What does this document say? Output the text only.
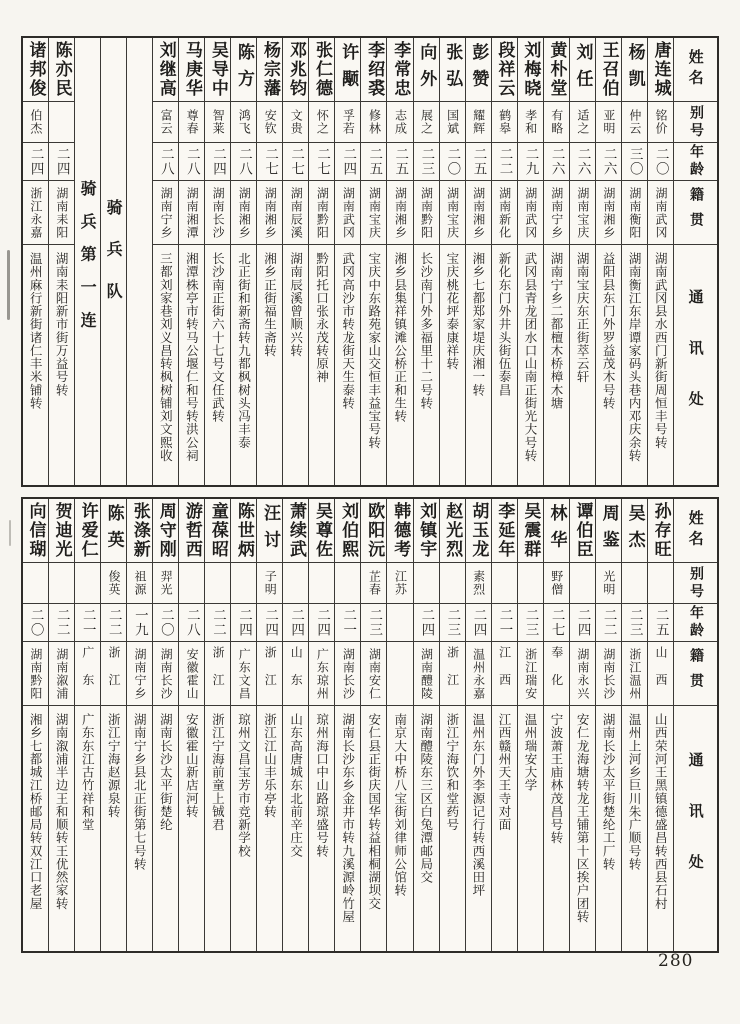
姓名
别号
年龄
籍贯
通讯处
唐连城
铭价
二〇
湖南武冈
湖南武冈县水西门新街周恒丰号转
杨凯
仲云
三〇
湖南衡阳
湖南衡江东岸谭家码头巷内邓庆余转
王召伯
亚明
二六
湖南湘乡
益阳县东门外罗益茂木号转
刘任
适之
二六
湖南宝庆
湖南宝庆东正街萃云轩
黄朴堂
有略
二六
湖南宁乡
湖南宁乡二都檀木桥樟木塘
刘梅晓
孝和
二九
湖南武冈
武冈县青龙团水口山南正街光大号转
段祥云
鹤皋
二二
湖南新化
新化东门外井头街伍泰昌
彭赞
耀辉
二五
湖南湘乡
湘乡七都郑家堤庆湘一转
张弘
国斌
二〇
湖南宝庆
宝庆桃花坪泰康祥转
向外
展之
二三
湖南黔阳
长沙南门外多福里十二号转
李常忠
志成
二五
湖南湘乡
湘乡县集祥镇滩公桥正和生转
李绍裘
修林
二五
湖南宝庆
宝庆中东路苑家山交恒丰益宝号转
许颙
孚若
二四
湖南武冈
武冈高沙市转龙街天生泰转
张仁德
怀之
二七
湖南黔阳
黔阳托口张永茂转原神
邓兆钧
文贵
二七
湖南辰溪
湖南辰溪曾顺兴转
杨宗藩
安钦
二七
湖南湘乡
湘乡正街福生斋转
陈方
鸿飞
二八
湖南湘乡
北正街和新斋转九都枫树头冯丰泰
吴导中
智莱
二四
湖南长沙
长沙南正街六十七号文任武转
马庚华
尊春
二八
湖南湘潭
湘潭株亭市转马公堰仁和号转洪公祠
刘继高
富云
二八
湖南宁乡
三都刘家巷刘义昌转枫树铺刘文熙收
骑兵队
骑兵第一连
陈亦民
二四
湖南耒阳
湖南耒阳新市街万益号转
诸邦俊
伯杰
二四
浙江永嘉
温州麻行新街诸仁丰米铺转
姓名
别号
年龄
籍贯
通讯处
孙存旺
二五
山西
山西荣河王黑镇德盛昌转西县石村
吴杰
二三
浙江温州
温州上河乡巨川朱广顺号转
周鉴
光明
二二
湖南长沙
湖南长沙太平街楚纶工厂转
谭伯臣
二四
湖南永兴
安仁龙海塘转龙王铺第十区挨户团转
林华
野僧
二七
奉化
宁波萧王庙林茂昌号转
吴震群
二三
浙江瑞安
温州瑞安大学
李延年
二一
江西
江西赣州天王寺对面
胡玉龙
素烈
二四
温州永嘉
温州东门外李源记行转西溪田坪
赵光烈
二三
浙江
浙江宁海饮和堂药号
刘镇宇
二四
湖南醴陵
湖南醴陵东三区白兔潭邮局交
韩德考
江苏
南京大中桥八宝街刘律师公馆转
欧阳沅
芷春
二三
湖南安仁
安仁县正街庆国华转益相桐湖坝交
刘伯熙
二一
湖南长沙
湖南长沙东乡金井市转九溪源岭竹屋
吴尊佐
二四
广东琼州
琼州海口中山路琼盛号转
萧续武
二四
山东
山东高唐城东北前辛庄交
汪讨
子明
二四
浙江
浙江江山丰乐亭转
陈世炳
二四
广东文昌
琼州文昌宝芳市竞新学校
童葆昭
二二
浙江
浙江宁海前童上铖君
游哲西
二八
安徽霍山
安徽霍山新店河转
周守刚
羿光
二〇
湖南长沙
湖南长沙太平街楚纶
张涤新
祖源
一九
湖南宁乡
湖南宁乡县北正街第七号转
陈英
俊英
二二
浙江
浙江宁海赵源泉转
许爱仁
二一
广东
广东东江古竹祥和堂
贺迪光
二二
湖南溆浦
湖南溆浦半边王和顺转王优然家转
向信瑚
二〇
湖南黔阳
湘乡七都城江桥邮局转双江口老屋
280
